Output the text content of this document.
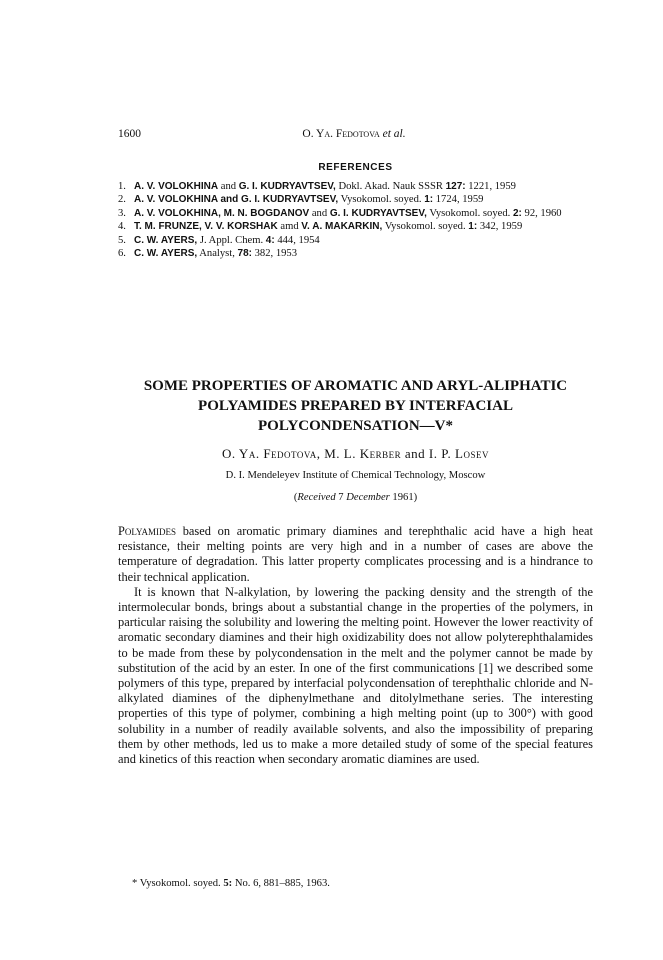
1600	O. Ya. Fedotova et al.
REFERENCES
1. A. V. VOLOKHINA and G. I. KUDRYAVTSEV, Dokl. Akad. Nauk SSSR 127: 1221, 1959
2. A. V. VOLOKHINA and G. I. KUDRYAVTSEV, Vysokomol. soyed. 1: 1724, 1959
3. A. V. VOLOKHINA, M. N. BOGDANOV and G. I. KUDRYAVTSEV, Vysokomol. soyed. 2: 92, 1960
4. T. M. FRUNZE, V. V. KORSHAK amd V. A. MAKARKIN, Vysokomol. soyed. 1: 342, 1959
5. C. W. AYERS, J. Appl. Chem. 4: 444, 1954
6. C. W. AYERS, Analyst, 78: 382, 1953
SOME PROPERTIES OF AROMATIC AND ARYL-ALIPHATIC
POLYAMIDES PREPARED BY INTERFACIAL
POLYCONDENSATION—V*
O. Ya. Fedotova, M. L. Kerber and I. P. Losev
D. I. Mendeleyev Institute of Chemical Technology, Moscow
(Received 7 December 1961)

Polyamides based on aromatic primary diamines and terephthalic acid have a high heat resistance, their melting points are very high and in a number of cases are above the temperature of degradation. This latter property complicates processing and is a hindrance to their technical application.

It is known that N-alkylation, by lowering the packing density and the strength of the intermolecular bonds, brings about a substantial change in the properties of the polymers, in particular raising the solubility and lowering the melting point. However the lower reactivity of aromatic secondary diamines and their high oxidizability does not allow polyterephthalamides to be made from these by polycondensation in the melt and the polymer cannot be made by substitution of the acid by an ester. In one of the first communications [1] we described some polymers of this type, prepared by interfacial polycondensation of terephthalic chloride and N-alkylated diamines of the diphenylmethane and ditolylmethane series. The interesting properties of this type of polymer, combining a high melting point (up to 300°) with good solubility in a number of readily available solvents, and also the impossibility of preparing them by other methods, led us to make a more detailed study of some of the special features and kinetics of this reaction when secondary aromatic diamines are used.

* Vysokomol. soyed. 5: No. 6, 881–885, 1963.
